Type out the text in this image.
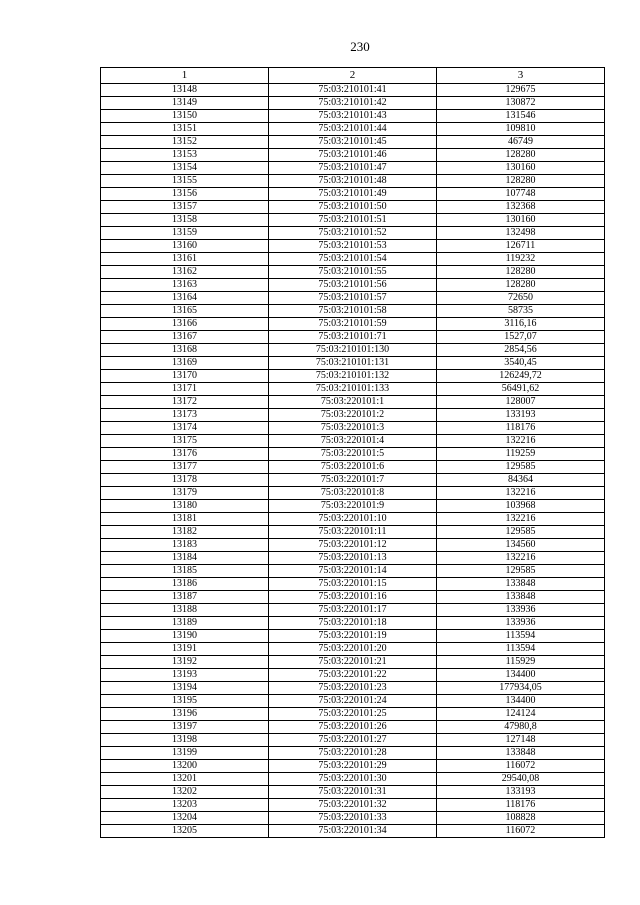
230
1	2	3
13148	75:03:210101:41	129675
13149	75:03:210101:42	130872
13150	75:03:210101:43	131546
13151	75:03:210101:44	109810
13152	75:03:210101:45	46749
13153	75:03:210101:46	128280
13154	75:03:210101:47	130160
13155	75:03:210101:48	128280
13156	75:03:210101:49	107748
13157	75:03:210101:50	132368
13158	75:03:210101:51	130160
13159	75:03:210101:52	132498
13160	75:03:210101:53	126711
13161	75:03:210101:54	119232
13162	75:03:210101:55	128280
13163	75:03:210101:56	128280
13164	75:03:210101:57	72650
13165	75:03:210101:58	58735
13166	75:03:210101:59	3116,16
13167	75:03:210101:71	1527,07
13168	75:03:210101:130	2854,56
13169	75:03:210101:131	3540,45
13170	75:03:210101:132	126249,72
13171	75:03:210101:133	56491,62
13172	75:03:220101:1	128007
13173	75:03:220101:2	133193
13174	75:03:220101:3	118176
13175	75:03:220101:4	132216
13176	75:03:220101:5	119259
13177	75:03:220101:6	129585
13178	75:03:220101:7	84364
13179	75:03:220101:8	132216
13180	75:03:220101:9	103968
13181	75:03:220101:10	132216
13182	75:03:220101:11	129585
13183	75:03:220101:12	134560
13184	75:03:220101:13	132216
13185	75:03:220101:14	129585
13186	75:03:220101:15	133848
13187	75:03:220101:16	133848
13188	75:03:220101:17	133936
13189	75:03:220101:18	133936
13190	75:03:220101:19	113594
13191	75:03:220101:20	113594
13192	75:03:220101:21	115929
13193	75:03:220101:22	134400
13194	75:03:220101:23	177934,05
13195	75:03:220101:24	134400
13196	75:03:220101:25	124124
13197	75:03:220101:26	47980,8
13198	75:03:220101:27	127148
13199	75:03:220101:28	133848
13200	75:03:220101:29	116072
13201	75:03:220101:30	29540,08
13202	75:03:220101:31	133193
13203	75:03:220101:32	118176
13204	75:03:220101:33	108828
13205	75:03:220101:34	116072
